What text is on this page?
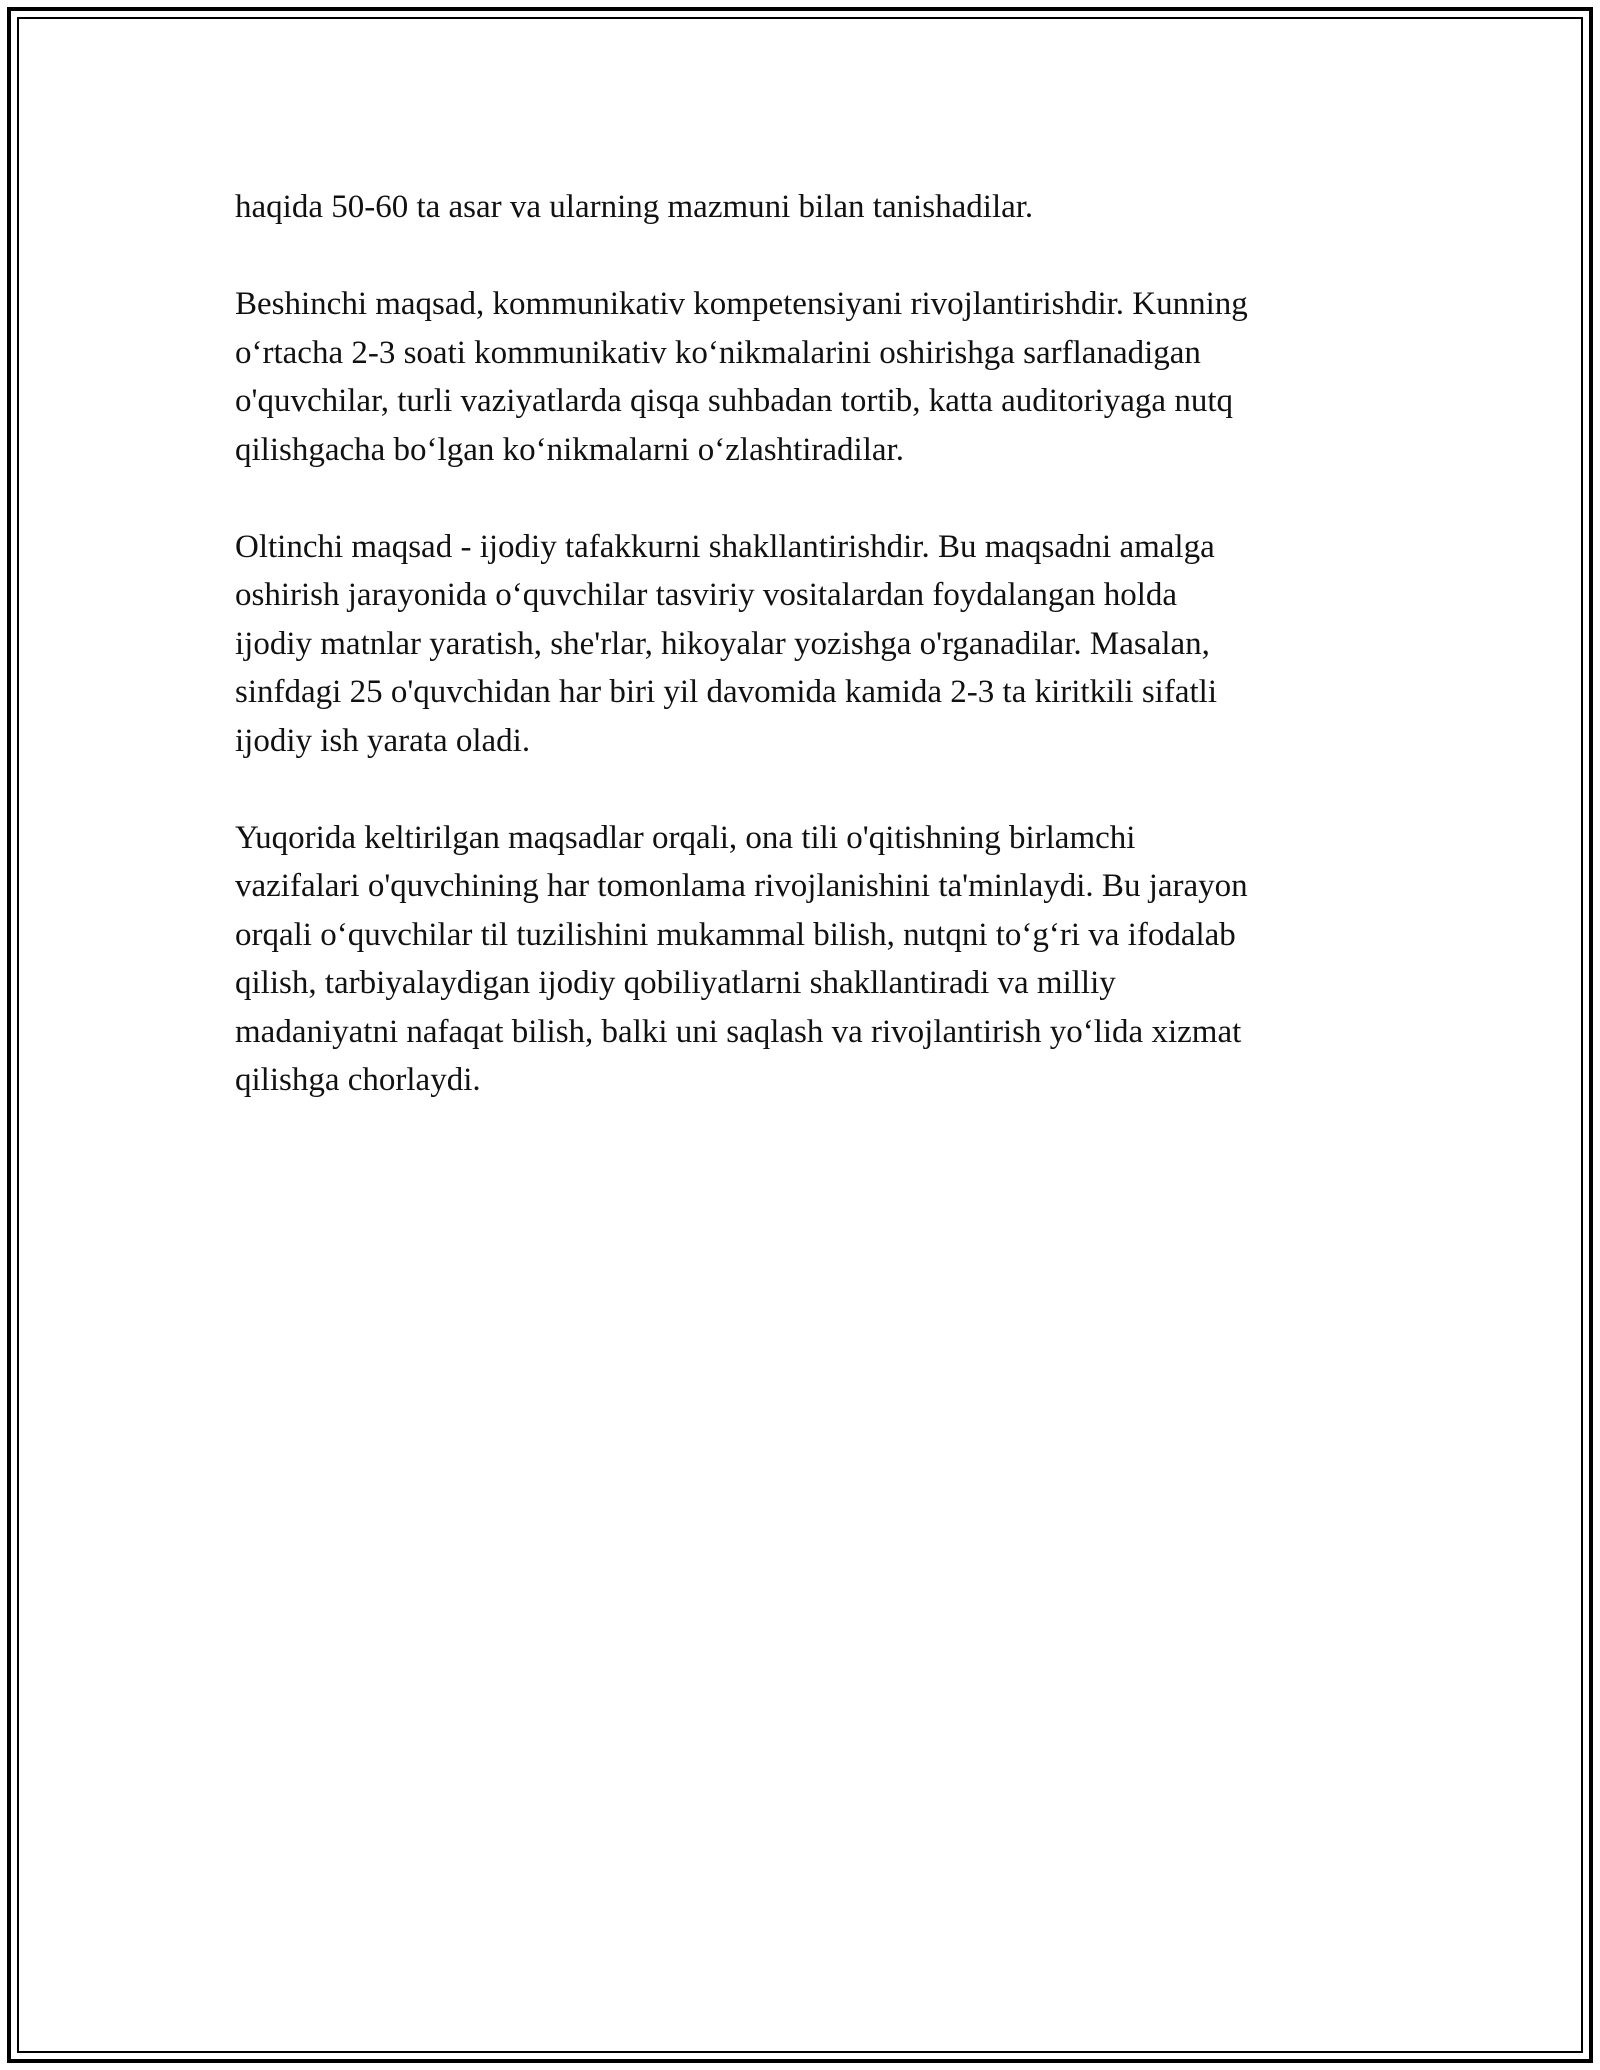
haqida 50-60 ta asar va ularning mazmuni bilan tanishadilar.

Beshinchi maqsad, kommunikativ kompetensiyani rivojlantirishdir. Kunning
o‘rtacha 2-3 soati kommunikativ ko‘nikmalarini oshirishga sarflanadigan
o'quvchilar, turli vaziyatlarda qisqa suhbadan tortib, katta auditoriyaga nutq
qilishgacha bo‘lgan ko‘nikmalarni o‘zlashtiradilar.

Oltinchi maqsad - ijodiy tafakkurni shakllantirishdir. Bu maqsadni amalga
oshirish jarayonida o‘quvchilar tasviriy vositalardan foydalangan holda
ijodiy matnlar yaratish, she'rlar, hikoyalar yozishga o'rganadilar. Masalan,
sinfdagi 25 o'quvchidan har biri yil davomida kamida 2-3 ta kiritkili sifatli
ijodiy ish yarata oladi.

Yuqorida keltirilgan maqsadlar orqali, ona tili o'qitishning birlamchi
vazifalari o'quvchining har tomonlama rivojlanishini ta'minlaydi. Bu jarayon
orqali o‘quvchilar til tuzilishini mukammal bilish, nutqni to‘g‘ri va ifodalab
qilish, tarbiyalaydigan ijodiy qobiliyatlarni shakllantiradi va milliy
madaniyatni nafaqat bilish, balki uni saqlash va rivojlantirish yo‘lida xizmat
qilishga chorlaydi.
